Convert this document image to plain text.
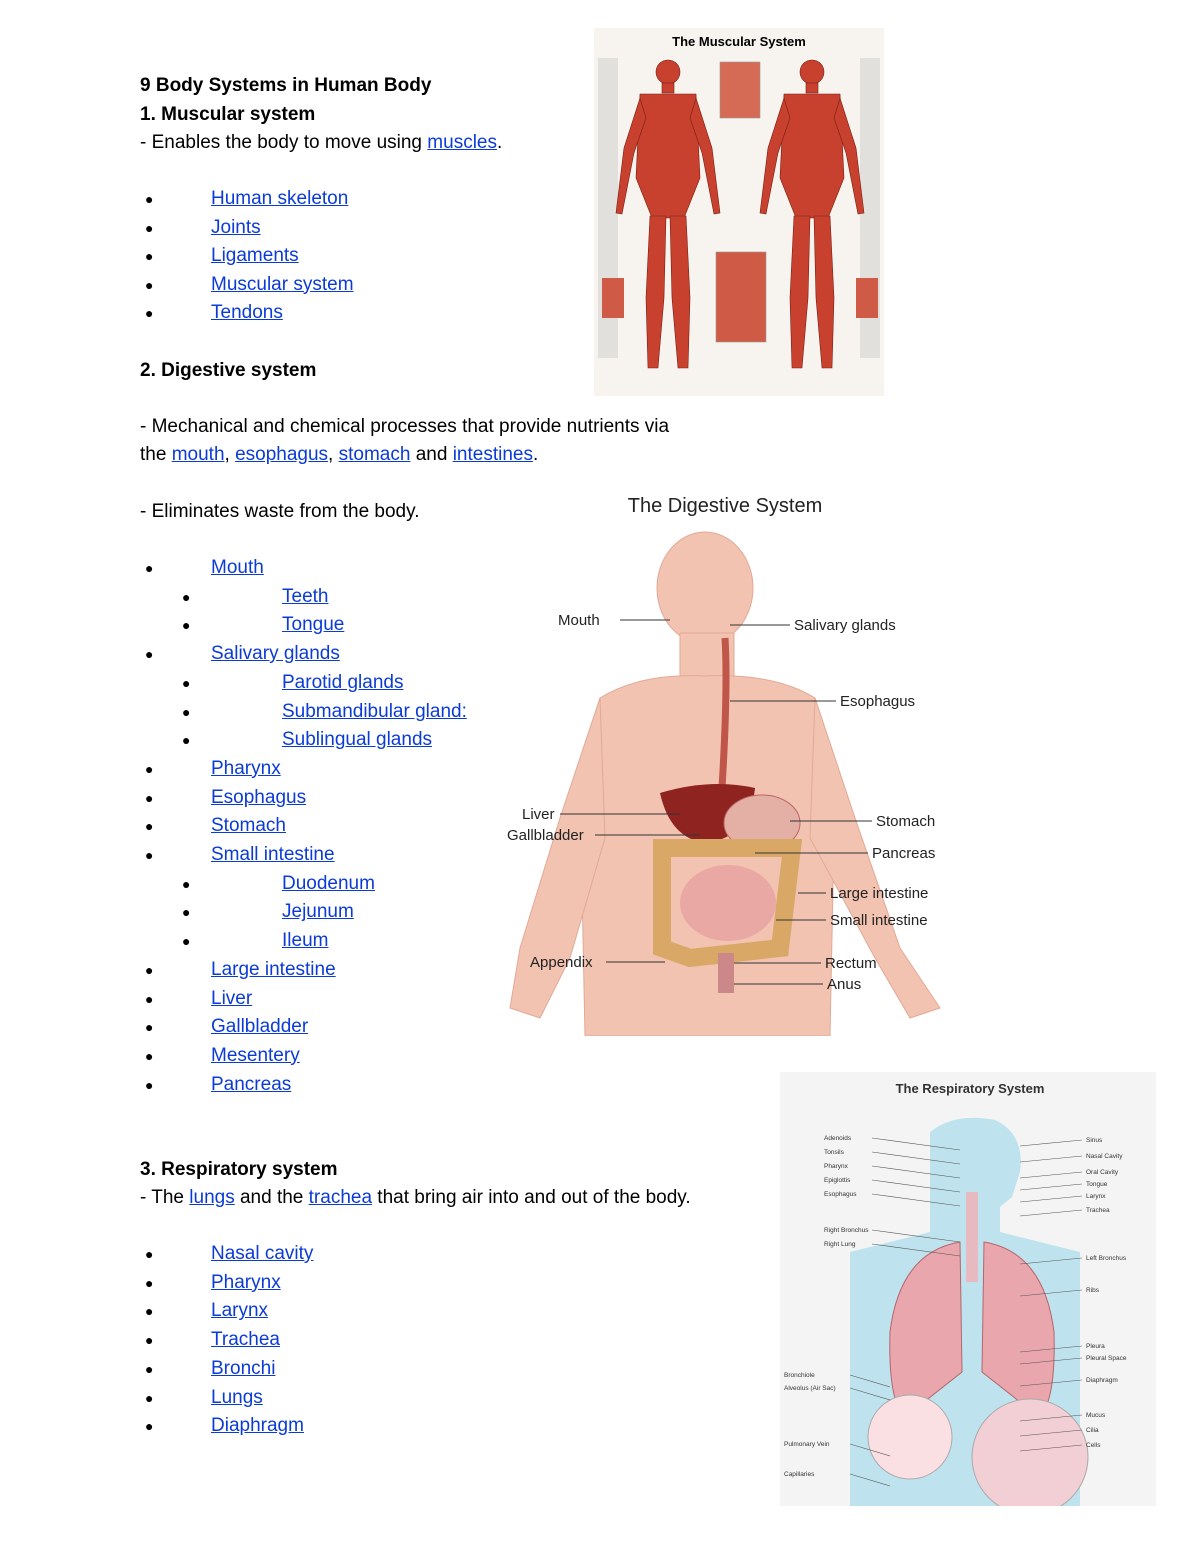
9 Body Systems in Human Body
1. Muscular system
- Enables the body to move using muscles.
●	Human skeleton
●	Joints
●	Ligaments
●	Muscular system
●	Tendons
2. Digestive system
- Mechanical and chemical processes that provide nutrients via
the mouth, esophagus, stomach and intestines.
- Eliminates waste from the body.
●	Mouth
●	Teeth
●	Tongue
●	Salivary glands
●	Parotid glands
●	Submandibular gland:
●	Sublingual glands
●	Pharynx
●	Esophagus
●	Stomach
●	Small intestine
●	Duodenum
●	Jejunum
●	Ileum
●	Large intestine
●	Liver
●	Gallbladder
●	Mesentery
●	Pancreas
3. Respiratory system
- The lungs and the trachea that bring air into and out of the body.
●	Nasal cavity
●	Pharynx
●	Larynx
●	Trachea
●	Bronchi
●	Lungs
●	Diaphragm
The Muscular System
The Digestive System
Mouth	Salivary glands
Esophagus
Liver
Gallbladder
Stomach
Pancreas
Large intestine
Small intestine
Appendix	Rectum
Anus
The Respiratory System
Adenoids
Tonsils
Pharynx
Epiglottis
Esophagus
Right Bronchus
Right Lung
Bronchiole
Alveolus (Air Sac)
Pulmonary Vein
Capillaries
Sinus
Nasal Cavity
Oral Cavity
Tongue
Larynx
Trachea
Left Bronchus
Ribs
Pleura
Pleural Space
Diaphragm
Mucus
Cilia
Cells
